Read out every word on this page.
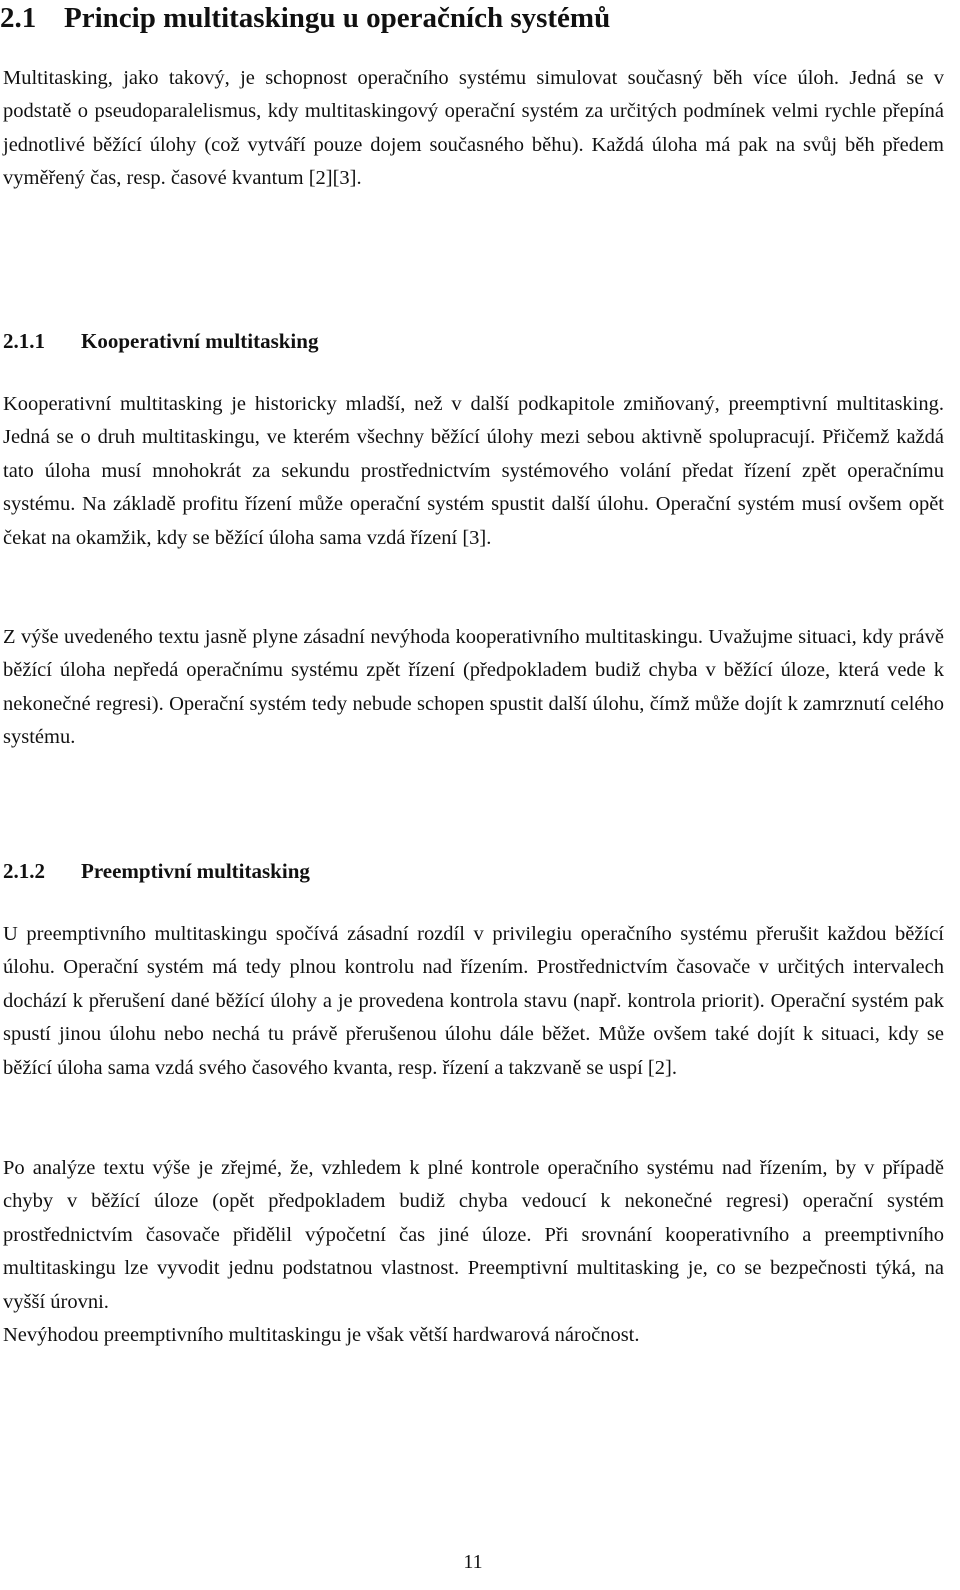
2.1 Princip multitaskingu u operačních systémů

Multitasking, jako takový, je schopnost operačního systému simulovat současný běh více úloh. Jedná se v podstatě o pseudoparalelismus, kdy multitaskingový operační systém za určitých podmínek velmi rychle přepíná jednotlivé běžící úlohy (což vytváří pouze dojem současného běhu). Každá úloha má pak na svůj běh předem vyměřený čas, resp. časové kvantum [2][3].

2.1.1 Kooperativní multitasking

Kooperativní multitasking je historicky mladší, než v další podkapitole zmiňovaný, preemptivní multitasking. Jedná se o druh multitaskingu, ve kterém všechny běžící úlohy mezi sebou aktivně spolupracují. Přičemž každá tato úloha musí mnohokrát za sekundu prostřednictvím systémového volání předat řízení zpět operačnímu systému. Na základě profitu řízení může operační systém spustit další úlohu. Operační systém musí ovšem opět čekat na okamžik, kdy se běžící úloha sama vzdá řízení [3].

Z výše uvedeného textu jasně plyne zásadní nevýhoda kooperativního multitaskingu. Uvažujme situaci, kdy právě běžící úloha nepředá operačnímu systému zpět řízení (předpokladem budiž chyba v běžící úloze, která vede k nekonečné regresi). Operační systém tedy nebude schopen spustit další úlohu, čímž může dojít k zamrznutí celého systému.

2.1.2 Preemptivní multitasking

U preemptivního multitaskingu spočívá zásadní rozdíl v privilegiu operačního systému přerušit každou běžící úlohu. Operační systém má tedy plnou kontrolu nad řízením. Prostřednictvím časovače v určitých intervalech dochází k přerušení dané běžící úlohy a je provedena kontrola stavu (např. kontrola priorit). Operační systém pak spustí jinou úlohu nebo nechá tu právě přerušenou úlohu dále běžet. Může ovšem také dojít k situaci, kdy se běžící úloha sama vzdá svého časového kvanta, resp. řízení a takzvaně se uspí [2].

Po analýze textu výše je zřejmé, že, vzhledem k plné kontrole operačního systému nad řízením, by v případě chyby v běžící úloze (opět předpokladem budiž chyba vedoucí k nekonečné regresi) operační systém prostřednictvím časovače přidělil výpočetní čas jiné úloze. Při srovnání kooperativního a preemptivního multitaskingu lze vyvodit jednu podstatnou vlastnost. Preemptivní multitasking je, co se bezpečnosti týká, na vyšší úrovni.

Nevýhodou preemptivního multitaskingu je však větší hardwarová náročnost.

11
